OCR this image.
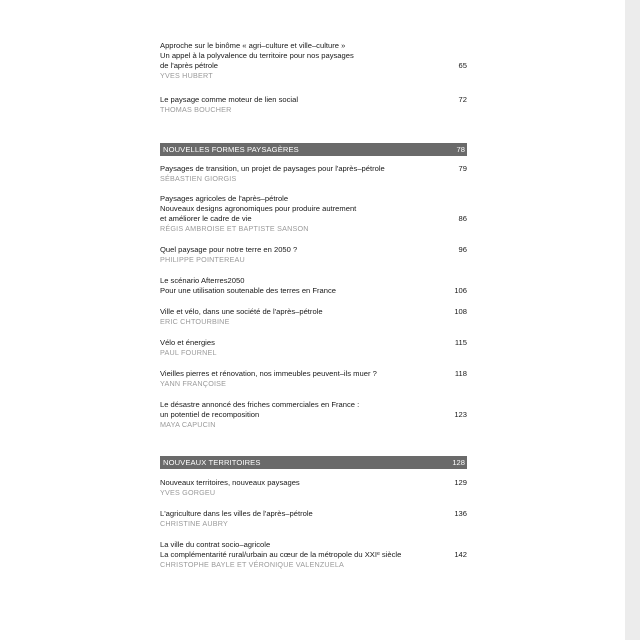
65
Approche sur le binôme « agri–culture et ville–culture »
Un appel à la polyvalence du territoire pour nos paysages
de l'après pétrole
YVES HUBERT
72
Le paysage comme moteur de lien social
THOMAS BOUCHER
NOUVELLES FORMES PAYSAGÈRES	78
79
Paysages de transition, un projet de paysages pour l'après–pétrole
SÉBASTIEN GIORGIS
86
Paysages agricoles de l'après–pétrole
Nouveaux designs agronomiques pour produire autrement
et améliorer le cadre de vie
RÉGIS AMBROISE ET BAPTISTE SANSON
96
Quel paysage pour notre terre en 2050 ?
PHILIPPE POINTEREAU
106
Le scénario Afterres2050
Pour une utilisation soutenable des terres en France
108
Ville et vélo, dans une société de l'après–pétrole
ERIC CHTOURBINE
115
Vélo et énergies
PAUL FOURNEL
118
Vieilles pierres et rénovation, nos immeubles peuvent–ils muer ?
YANN FRANÇOISE
123
Le désastre annoncé des friches commerciales en France :
un potentiel de recomposition
MAYA CAPUCIN
NOUVEAUX TERRITOIRES	128
129
Nouveaux territoires, nouveaux paysages
YVES GORGEU
136
L'agriculture dans les villes de l'après–pétrole
CHRISTINE AUBRY
142
La ville du contrat socio–agricole
La complémentarité rural/urbain au cœur de la métropole du XXIᵉ siècle
CHRISTOPHE BAYLE ET VÉRONIQUE VALENZUELA
